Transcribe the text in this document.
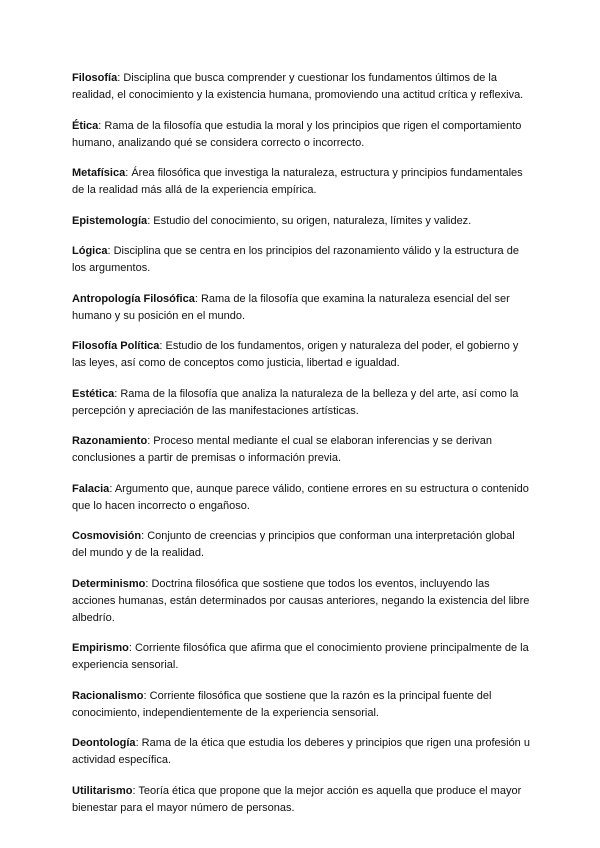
Filosofía: Disciplina que busca comprender y cuestionar los fundamentos últimos de la realidad, el conocimiento y la existencia humana, promoviendo una actitud crítica y reflexiva.

Ética: Rama de la filosofía que estudia la moral y los principios que rigen el comportamiento humano, analizando qué se considera correcto o incorrecto.

Metafísica: Área filosófica que investiga la naturaleza, estructura y principios fundamentales de la realidad más allá de la experiencia empírica.

Epistemología: Estudio del conocimiento, su origen, naturaleza, límites y validez.

Lógica: Disciplina que se centra en los principios del razonamiento válido y la estructura de los argumentos.

Antropología Filosófica: Rama de la filosofía que examina la naturaleza esencial del ser humano y su posición en el mundo.

Filosofía Política: Estudio de los fundamentos, origen y naturaleza del poder, el gobierno y las leyes, así como de conceptos como justicia, libertad e igualdad.

Estética: Rama de la filosofía que analiza la naturaleza de la belleza y del arte, así como la percepción y apreciación de las manifestaciones artísticas.

Razonamiento: Proceso mental mediante el cual se elaboran inferencias y se derivan conclusiones a partir de premisas o información previa.

Falacia: Argumento que, aunque parece válido, contiene errores en su estructura o contenido que lo hacen incorrecto o engañoso.

Cosmovisión: Conjunto de creencias y principios que conforman una interpretación global del mundo y de la realidad.

Determinismo: Doctrina filosófica que sostiene que todos los eventos, incluyendo las acciones humanas, están determinados por causas anteriores, negando la existencia del libre albedrío.

Empirismo: Corriente filosófica que afirma que el conocimiento proviene principalmente de la experiencia sensorial.

Racionalismo: Corriente filosófica que sostiene que la razón es la principal fuente del conocimiento, independientemente de la experiencia sensorial.

Deontología: Rama de la ética que estudia los deberes y principios que rigen una profesión u actividad específica.

Utilitarismo: Teoría ética que propone que la mejor acción es aquella que produce el mayor bienestar para el mayor número de personas.
